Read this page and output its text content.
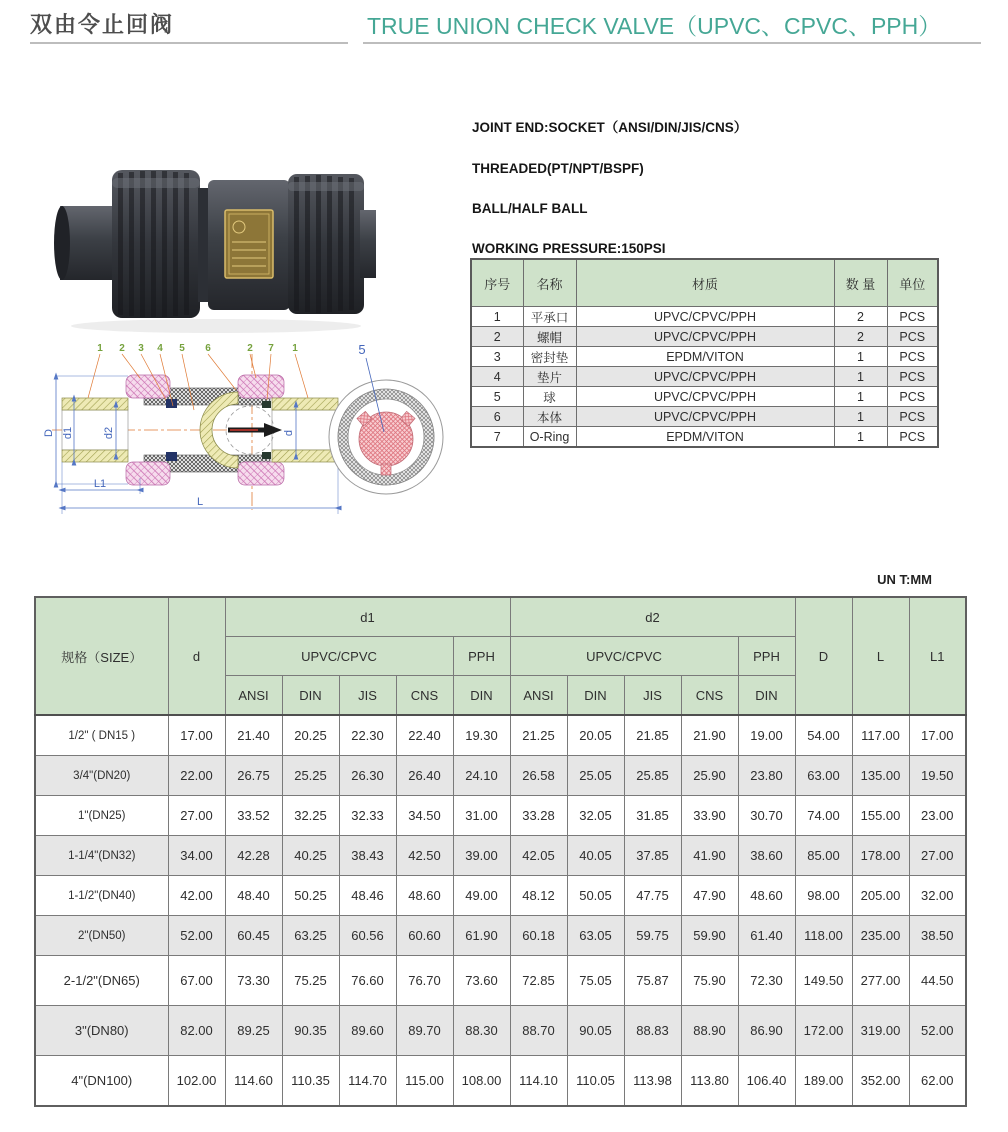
双由令止回阀	TRUE UNION CHECK VALVE（UPVC、CPVC、PPH）
JOINT END:SOCKET（ANSI/DIN/JIS/CNS）
THREADED(PT/NPT/BSPF)
BALL/HALF BALL
WORKING PRESSURE:150PSI
序号	名称	材质	数 量	单位
1	平承口	UPVC/CPVC/PPH	2	PCS
2	螺帽	UPVC/CPVC/PPH	2	PCS
3	密封垫	EPDM/VITON	1	PCS
4	垫片	UPVC/CPVC/PPH	1	PCS
5	球	UPVC/CPVC/PPH	1	PCS
6	本体	UPVC/CPVC/PPH	1	PCS
7	O-Ring	EPDM/VITON	1	PCS
1 2 3 4 5 6	2 7 1
D d1	d2	d
L1
L
5
UN T:MM
规格（SIZE）	d	d1					d2					D	L	L1
		UPVC/CPVC				PPH	UPVC/CPVC				PPH			
		ANSI	DIN	JIS	CNS	DIN	ANSI	DIN	JIS	CNS	DIN			
1/2" ( DN15 )	17.00	21.40	20.25	22.30	22.40	19.30	21.25	20.05	21.85	21.90	19.00	54.00	117.00	17.00
3/4"(DN20)	22.00	26.75	25.25	26.30	26.40	24.10	26.58	25.05	25.85	25.90	23.80	63.00	135.00	19.50
1"(DN25)	27.00	33.52	32.25	32.33	34.50	31.00	33.28	32.05	31.85	33.90	30.70	74.00	155.00	23.00
1-1/4"(DN32)	34.00	42.28	40.25	38.43	42.50	39.00	42.05	40.05	37.85	41.90	38.60	85.00	178.00	27.00
1-1/2"(DN40)	42.00	48.40	50.25	48.46	48.60	49.00	48.12	50.05	47.75	47.90	48.60	98.00	205.00	32.00
2"(DN50)	52.00	60.45	63.25	60.56	60.60	61.90	60.18	63.05	59.75	59.90	61.40	118.00	235.00	38.50
2-1/2"(DN65)	67.00	73.30	75.25	76.60	76.70	73.60	72.85	75.05	75.87	75.90	72.30	149.50	277.00	44.50
3"(DN80)	82.00	89.25	90.35	89.60	89.70	88.30	88.70	90.05	88.83	88.90	86.90	172.00	319.00	52.00
4"(DN100)	102.00	114.60	110.35	114.70	115.00	108.00	114.10	110.05	113.98	113.80	106.40	189.00	352.00	62.00
